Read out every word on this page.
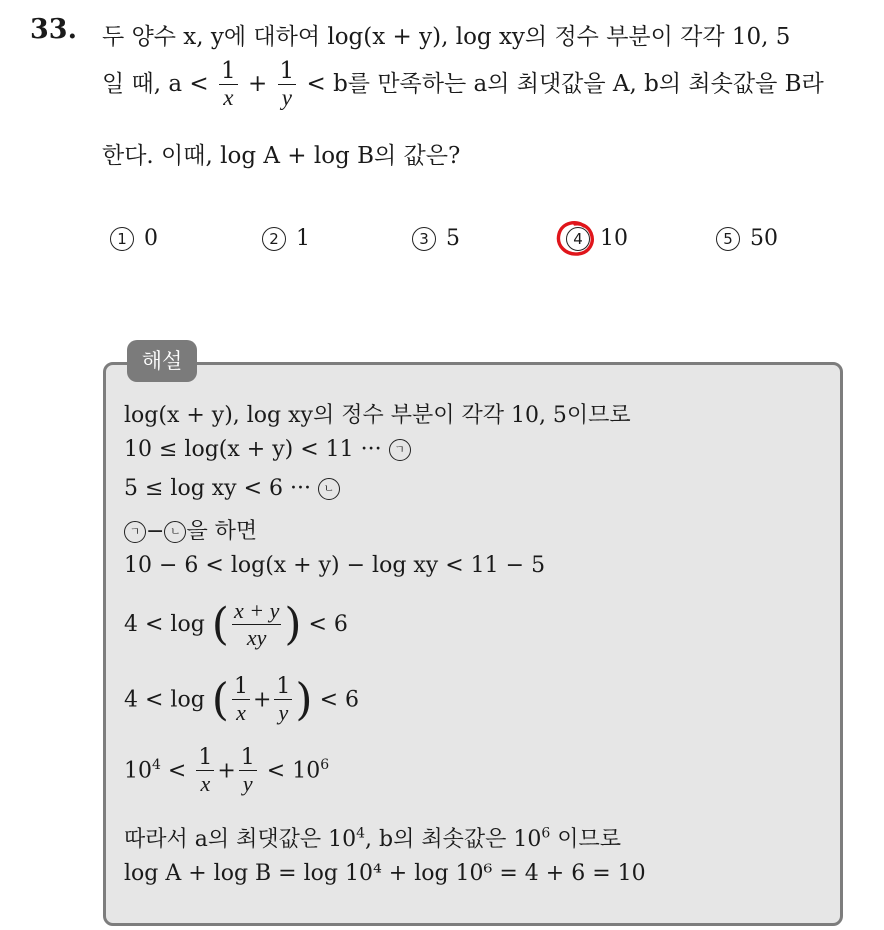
33. 두 양수 x, y에 대하여 log(x + y), log xy의 정수 부분이 각각 10, 5
일 때, $a < \frac{1}{x} + \frac{1}{y} < b$를 만족하는 a의 최댓값을 A, b의 최솟값을 B라
한다. 이때, log A + log B의 값은?
1 0	2 1	3 5	4 10	5 50
해설
log(x + y), log xy의 정수 부분이 각각 10, 5이므로
10 ≤ log(x + y) < 11 ··· ㄱ
5 ≤ log xy < 6 ··· ㄴ
ㄱ − ㄴ 을 하면
10 − 6 < log(x + y) − log xy < 11 − 5
4 < log ( $\frac{x + y}{xy}$ ) < 6
4 < log ( $\frac{1}{x} + \frac{1}{y}$ ) < 6
$10^4 < \frac{1}{x} + \frac{1}{y} < 10^6$
따라서 a의 최댓값은 $10^4$, b의 최솟값은 $10^6$ 이므로
log A + log B = log 10⁴ + log 10⁶ = 4 + 6 = 10
